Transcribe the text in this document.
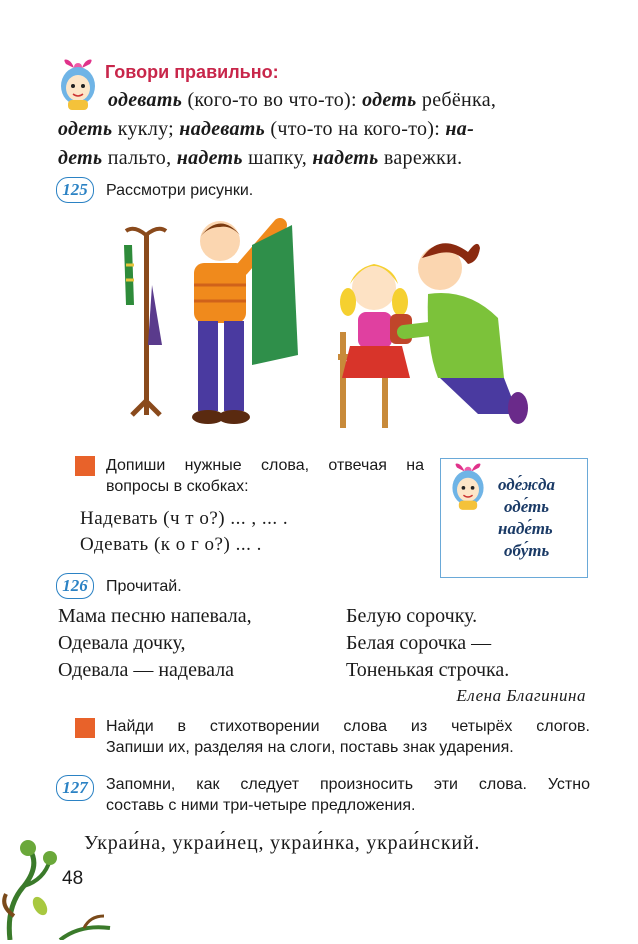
Говори правильно:
одевать (кого-то во что-то): одеть ребёнка,
одеть куклу; надевать (что-то на кого-то): на-
деть пальто, надеть шапку, надеть варежки.
125	Рассмотри рисунки.
Допиши нужные слова, отвечая на вопросы в скобках:
Надевать (ч т о?) ... , ... .
Одевать (к о г о?) ... .
оде́жда
оде́ть
наде́ть
обу́ть
126	Прочитай.
Мама песню напевала,
Одевала дочку,
Одевала — надевала
Белую сорочку.
Белая сорочка —
Тоненькая строчка.
Елена Благинина
Найди в стихотворении слова из четырёх слогов.
Запиши их, разделяя на слоги, поставь знак ударения.
127	Запомни, как следует произносить эти слова. Устно
составь с ними три-четыре предложения.
Украи́на, украи́нец, украи́нка, украи́нский.
48
